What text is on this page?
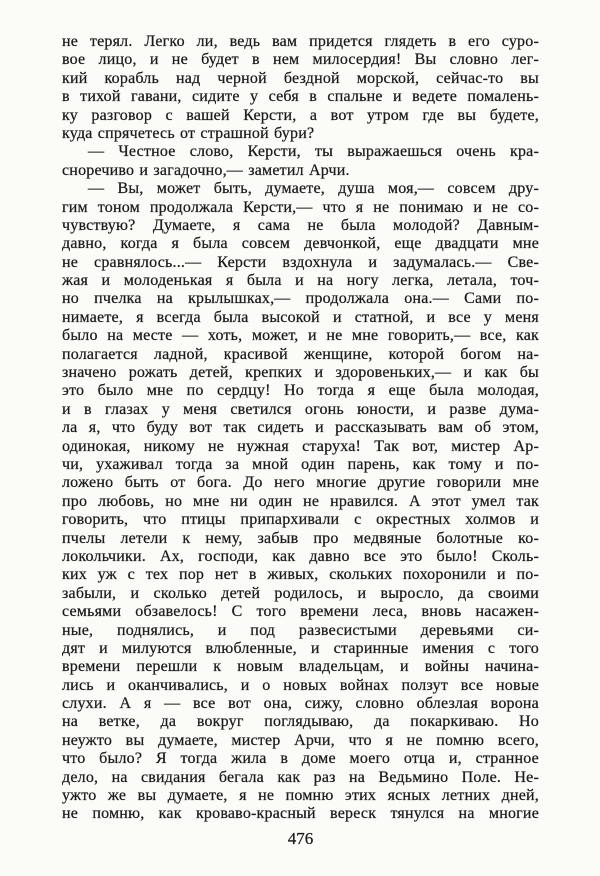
не терял. Легко ли, ведь вам придется глядеть в его суро-
вое лицо, и не будет в нем милосердия! Вы словно лег-
кий корабль над черной бездной морской, сейчас-то вы
в тихой гавани, сидите у себя в спальне и ведете помалень-
ку разговор с вашей Керсти, а вот утром где вы будете,
куда спрячетесь от страшной бури?
— Честное слово, Керсти, ты выражаешься очень кра-
сноречиво и загадочно,— заметил Арчи.
— Вы, может быть, думаете, душа моя,— совсем дру-
гим тоном продолжала Керсти,— что я не понимаю и не со-
чувствую? Думаете, я сама не была молодой? Давным-
давно, когда я была совсем девчонкой, еще двадцати мне
не сравнялось...— Керсти вздохнула и задумалась.— Све-
жая и молоденькая я была и на ногу легка, летала, точ-
но пчелка на крылышках,— продолжала она.— Сами по-
нимаете, я всегда была высокой и статной, и все у меня
было на месте — хоть, может, и не мне говорить,— все, как
полагается ладной, красивой женщине, которой богом на-
значено рожать детей, крепких и здоровеньких,— и как бы
это было мне по сердцу! Но тогда я еще была молодая,
и в глазах у меня светился огонь юности, и разве дума-
ла я, что буду вот так сидеть и рассказывать вам об этом,
одинокая, никому не нужная старуха! Так вот, мистер Ар-
чи, ухаживал тогда за мной один парень, как тому и по-
ложено быть от бога. До него многие другие говорили мне
про любовь, но мне ни один не нравился. А этот умел так
говорить, что птицы припархивали с окрестных холмов и
пчелы летели к нему, забыв про медвяные болотные ко-
локольчики. Ах, господи, как давно все это было! Сколь-
ких уж с тех пор нет в живых, скольких похоронили и по-
забыли, и сколько детей родилось, и выросло, да своими
семьями обзавелось! С того времени леса, вновь насажен-
ные, поднялись, и под развесистыми деревьями си-
дят и милуются влюбленные, и старинные имения с того
времени перешли к новым владельцам, и войны начина-
лись и оканчивались, и о новых войнах ползут все новые
слухи. А я — все вот она, сижу, словно облезлая ворона
на ветке, да вокруг поглядываю, да покаркиваю. Но
неужто вы думаете, мистер Арчи, что я не помню всего,
что было? Я тогда жила в доме моего отца и, странное
дело, на свидания бегала как раз на Ведьмино Поле. Не-
ужто же вы думаете, я не помню этих ясных летних дней,
не помню, как кроваво-красный вереск тянулся на многие
476
